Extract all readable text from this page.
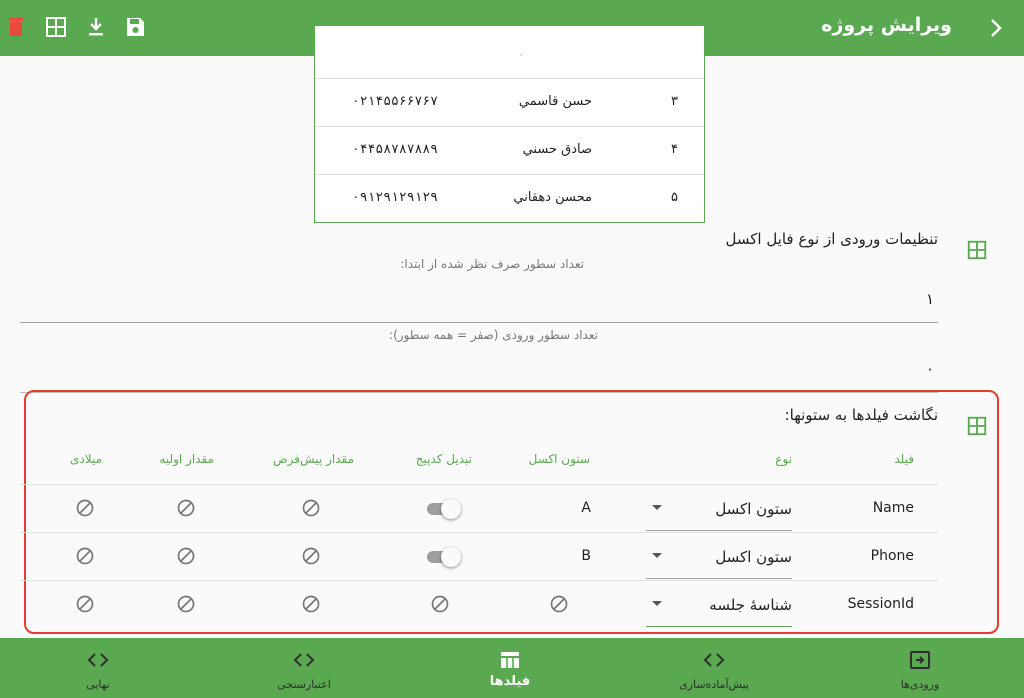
ویرایش پروژه
۰
۳
حسن قاسمي
۰۲۱۴۵۵۶۶۷۶۷
۴
صادق حسني
۰۴۴۵۸۷۸۷۸۸۹
۵
محسن دهقاني
۰۹۱۲۹۱۲۹۱۲۹
تنظیمات ورودی از نوع فایل اکسل
تعداد سطور صرف نظر شده از ابتدا:
۱
تعداد سطور ورودی (صفر = همه سطور):
۰
نگاشت فیلدها به ستونها:
فیلد
نوع
ستون اکسل
تبدیل کدپیج
مقدار پیش‌فرض
مقدار اولیه
میلادی
Name
ستون اکسل
A
Phone
ستون اکسل
B
SessionId
شناسهٔ جلسه
ورودی‌ها
پیش‌آماده‌سازی
فیلدها
اعتبارسنجی
نهایی
